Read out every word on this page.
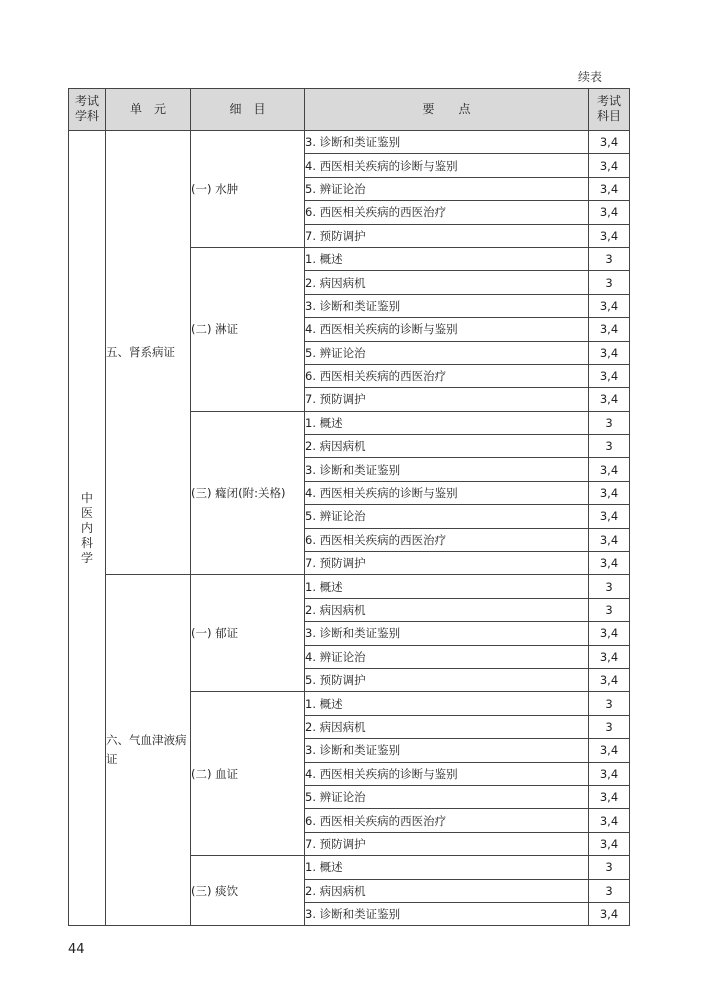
续表
考试学科	单　元	细　目	要　　点	考试科目
中医内科学	五、肾系病证	(一) 水肿	3. 诊断和类证鉴别	3,4
			4. 西医相关疾病的诊断与鉴别	3,4
			5. 辨证论治	3,4
			6. 西医相关疾病的西医治疗	3,4
			7. 预防调护	3,4
		(二) 淋证	1. 概述	3
			2. 病因病机	3
			3. 诊断和类证鉴别	3,4
			4. 西医相关疾病的诊断与鉴别	3,4
			5. 辨证论治	3,4
			6. 西医相关疾病的西医治疗	3,4
			7. 预防调护	3,4
		(三) 癃闭(附:关格)	1. 概述	3
			2. 病因病机	3
			3. 诊断和类证鉴别	3,4
			4. 西医相关疾病的诊断与鉴别	3,4
			5. 辨证论治	3,4
			6. 西医相关疾病的西医治疗	3,4
			7. 预防调护	3,4
	六、气血津液病证	(一) 郁证	1. 概述	3
			2. 病因病机	3
			3. 诊断和类证鉴别	3,4
			4. 辨证论治	3,4
			5. 预防调护	3,4
		(二) 血证	1. 概述	3
			2. 病因病机	3
			3. 诊断和类证鉴别	3,4
			4. 西医相关疾病的诊断与鉴别	3,4
			5. 辨证论治	3,4
			6. 西医相关疾病的西医治疗	3,4
			7. 预防调护	3,4
		(三) 痰饮	1. 概述	3
			2. 病因病机	3
			3. 诊断和类证鉴别	3,4
44
